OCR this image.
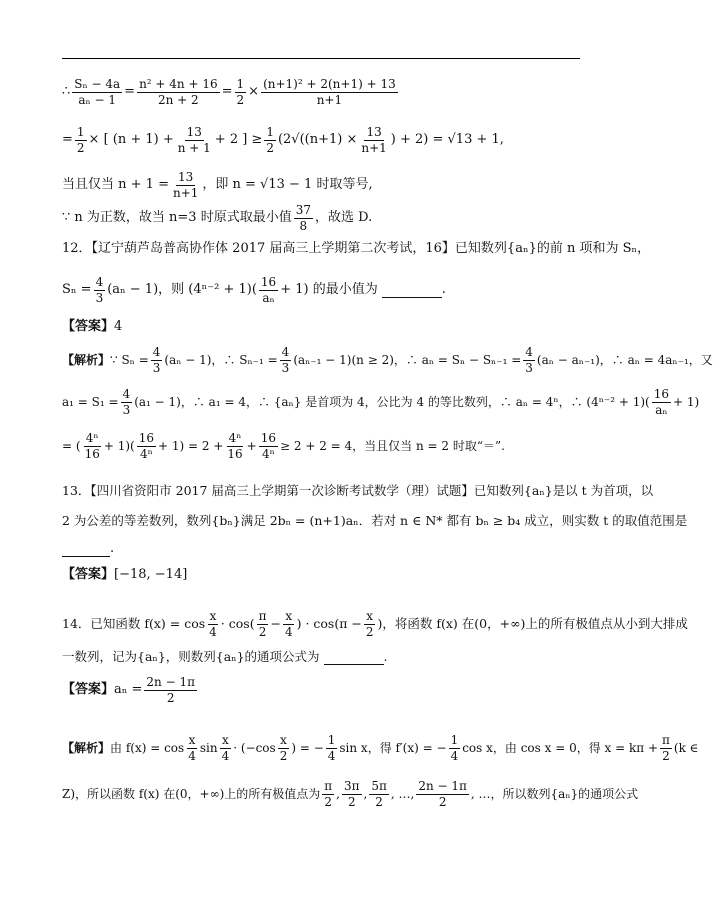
∴ $\frac{\text{Sₙ − 4a}}{\text{aₙ − 1}} = \frac{\text{n² + 4n + 16}}{2n + 2} = \frac{1}{2} \times \frac{\text{(n+1)² + 2(n+1) + 13}}{n+1}$
= $\frac{1}{2}$ × [ $(n + 1) + \frac{13}{n + 1} + 2$ ] ≥ $\frac{1}{2} (2√((n+1) \times \frac{13}{n+1}$ ) + 2) = √13 + 1,
当且仅当 $n + 1 = \frac{13}{n+1}$ ，即 n = √13 − 1 时取等号,
∵ n 为正数，故当 n=3 时原式取最小值 $\frac{37}{8}$ ，故选 D.
12．【辽宁葫芦岛普高协作体 2017 届高三上学期第二次考试，16】已知数列{aₙ}的前 n 项和为 Sₙ，
$S_n = \frac{4}{3} (a_n - 1)$，则 $(4^{n-2} + 1)( \frac{16}{\text{aₙ}} + 1)$ 的最小值为	.
【答案】 4
【解析】 ∵ $S_n = \frac{4}{3} (a_n - 1)$，∴ $S_{n-1} = \frac{4}{3} (a_{n-1} - 1)(n \ge 2)$，∴ $a_n = S_n - S_{n-1} = \frac{4}{3} (a_n - a_{n-1})$，∴ aₙ = 4aₙ₋₁，又
$a_1 = S_1 = \frac{4}{3} (a_1 - 1)$，∴ a₁ = 4，∴ {aₙ} 是首项为 4，公比为 4 的等比数列，∴ aₙ = 4ⁿ，∴ $(4^{n-2} + 1)( \frac{16}{\text{aₙ}} + 1)$
= ( $\frac{\text{4ⁿ}}{16} + 1)( \frac{16}{\text{4ⁿ}} + 1) = 2 + \frac{\text{4ⁿ}}{16} + \frac{16}{\text{4ⁿ}} \ge 2 + 2 = 4$，当且仅当 n = 2 时取“＝”.
13．【四川省资阳市 2017 届高三上学期第一次诊断考试数学（理）试题】已知数列{aₙ}是以 t 为首项，以
2 为公差的等差数列，数列{bₙ}满足 2bₙ = (n+1)aₙ．若对 n ∈ N* 都有 bₙ ≥ b₄ 成立，则实数 t 的取值范围是
.
【答案】 [−18, −14]
14．已知函数 $f(x) = \cos \frac{x}{4} \cdot \cos( \frac{\pi}{2} - \frac{x}{4}$ ) · $\cos(\pi - \frac{x}{2}$ )，将函数 f(x) 在(0，+∞)上的所有极值点从小到大排成
一数列，记为{aₙ}，则数列{aₙ}的通项公式为	.
【答案】 $a_n = \frac{2n - 1\pi}{2}$
【解析】 由 $f(x) = \cos \frac{x}{4}$ $\sin \frac{x}{4} \cdot (-\cos \frac{x}{2}$ ) = − $\frac{1}{4}$ sin x，得 f′(x) = − $\frac{1}{4}$ cos x，由 cos x = 0，得 $x = k\pi + \frac{\pi}{2} (k$ ∈
Z)，所以函数 f(x) 在(0，+∞)上的所有极值点为 $\frac{\pi}{2}$ , $\frac{3\pi}{2}$ , $\frac{5\pi}{2}$ , …, $\frac{2n - 1\pi}{2}$ , …，所以数列{aₙ}的通项公式
